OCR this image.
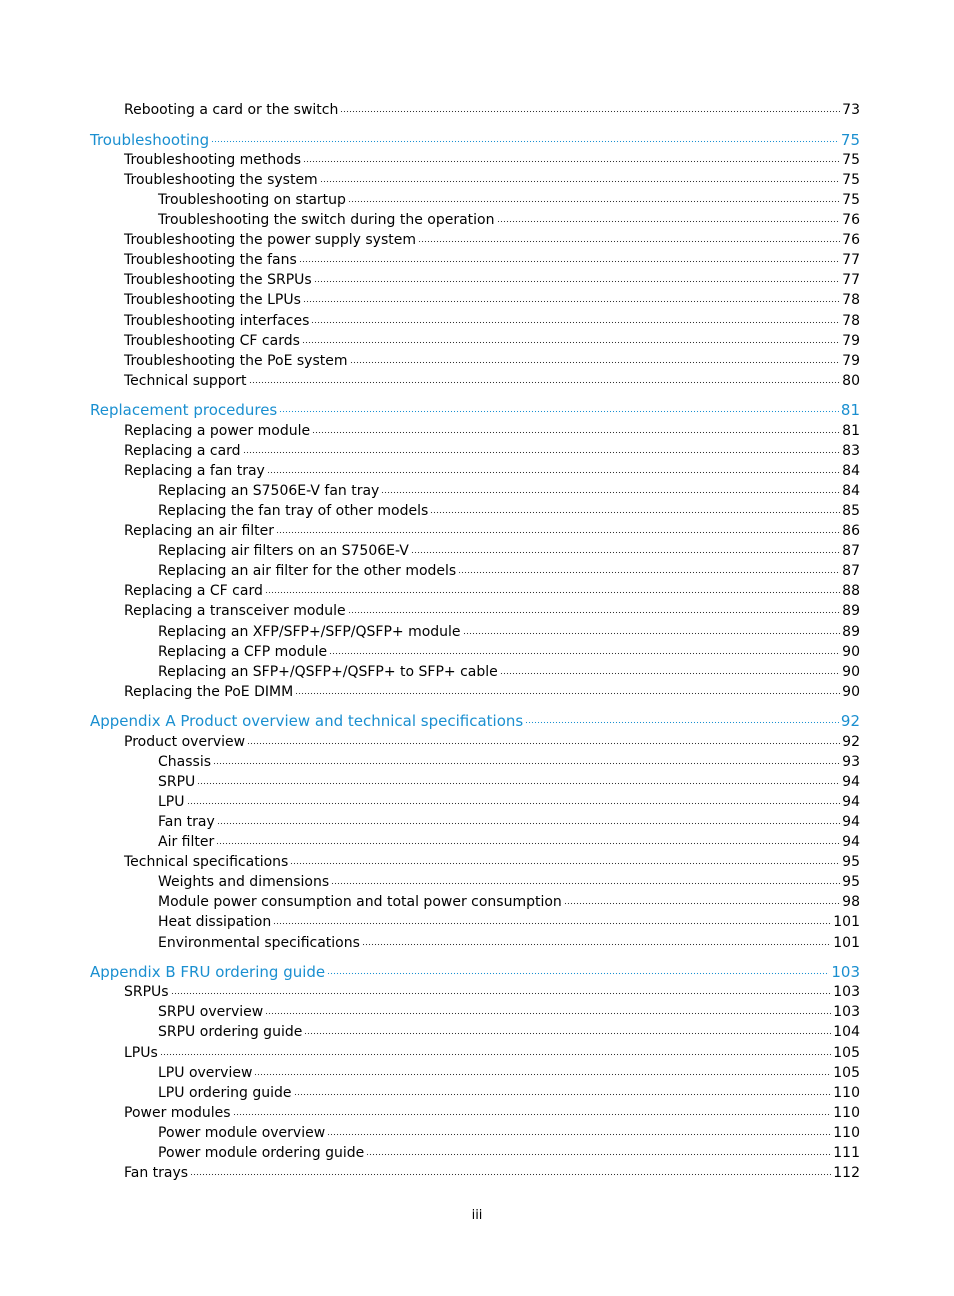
Rebooting a card or the switch	73
Troubleshooting	75
Troubleshooting methods	75
Troubleshooting the system	75
Troubleshooting on startup	75
Troubleshooting the switch during the operation	76
Troubleshooting the power supply system	76
Troubleshooting the fans	77
Troubleshooting the SRPUs	77
Troubleshooting the LPUs	78
Troubleshooting interfaces	78
Troubleshooting CF cards	79
Troubleshooting the PoE system	79
Technical support	80
Replacement procedures	81
Replacing a power module	81
Replacing a card	83
Replacing a fan tray	84
Replacing an S7506E-V fan tray	84
Replacing the fan tray of other models	85
Replacing an air filter	86
Replacing air filters on an S7506E-V	87
Replacing an air filter for the other models	87
Replacing a CF card	88
Replacing a transceiver module	89
Replacing an XFP/SFP+/SFP/QSFP+ module	89
Replacing a CFP module	90
Replacing an SFP+/QSFP+/QSFP+ to SFP+ cable	90
Replacing the PoE DIMM	90
Appendix A Product overview and technical specifications	92
Product overview	92
Chassis	93
SRPU	94
LPU	94
Fan tray	94
Air filter	94
Technical specifications	95
Weights and dimensions	95
Module power consumption and total power consumption	98
Heat dissipation	101
Environmental specifications	101
Appendix B FRU ordering guide	103
SRPUs	103
SRPU overview	103
SRPU ordering guide	104
LPUs	105
LPU overview	105
LPU ordering guide	110
Power modules	110
Power module overview	110
Power module ordering guide	111
Fan trays	112
iii
